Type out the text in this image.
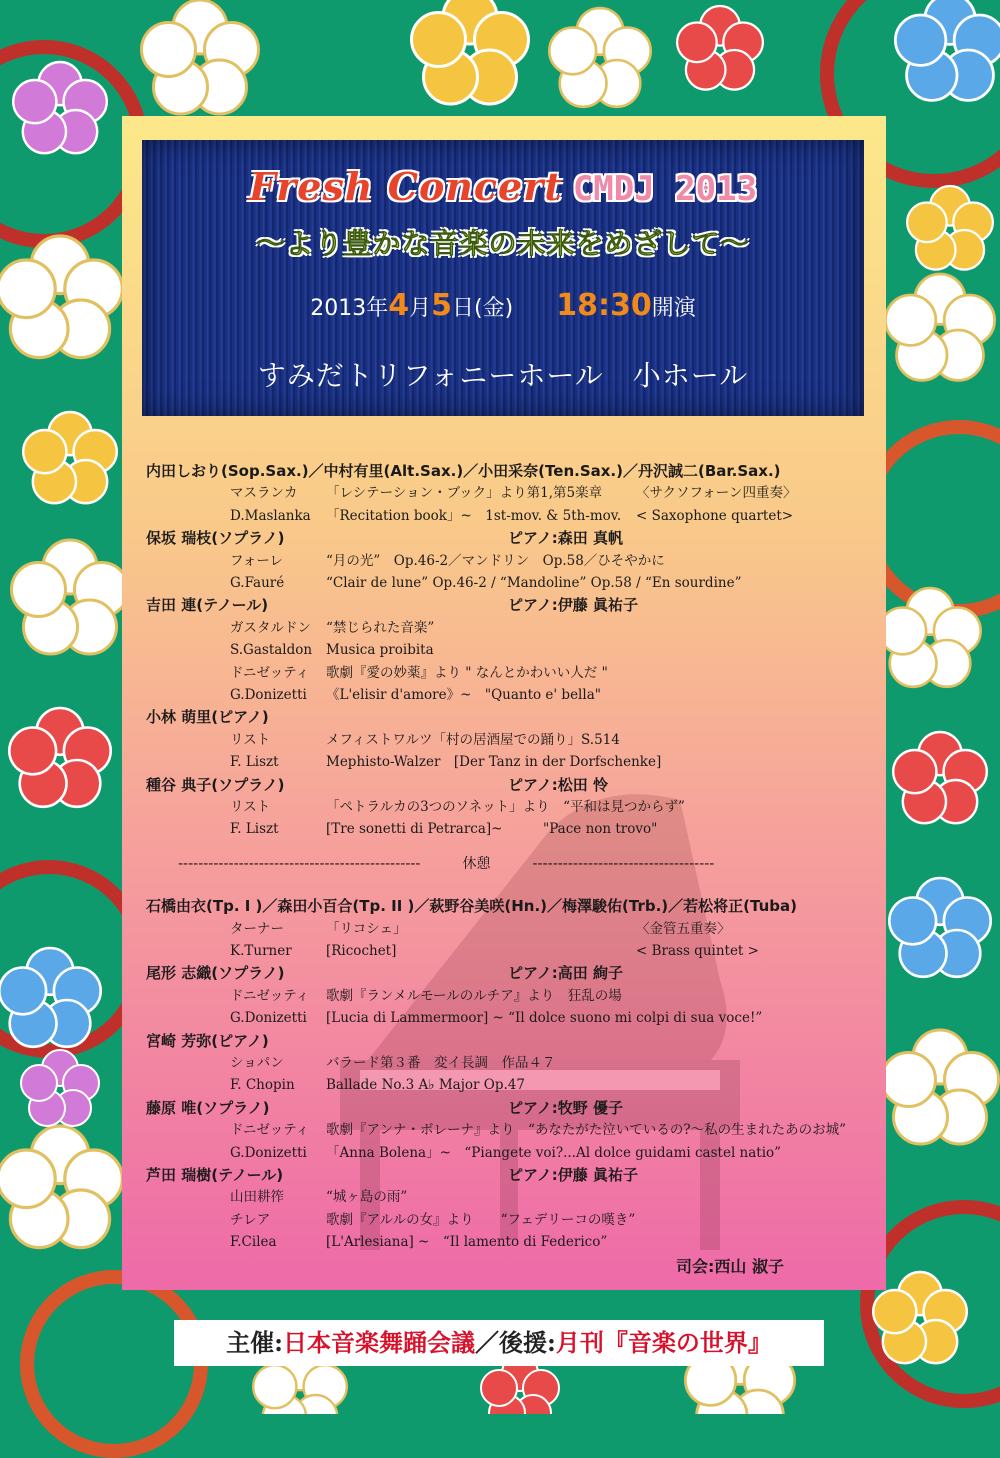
Fresh Concert CMDJ 2013
〜より豊かな音楽の未来をめざして〜
2013年4月5日(金) 18:30開演
すみだトリフォニーホール　小ホール
内田しおり(Sop.Sax.)／中村有里(Alt.Sax.)／小田采奈(Ten.Sax.)／丹沢誠二(Bar.Sax.)
マスランカ 「レシテーション・ブック」より第1,第5楽章	〈サクソフォーン四重奏〉
D.Maslanka 「Recitation book」~　1st-mov. & 5th-mov. < Saxophone quartet>
保坂 瑞枝(ソプラノ)	ピアノ:森田 真帆
フォーレ	“月の光”　Op.46-2／マンドリン　Op.58／ひそやかに
G.Fauré	“Clair de lune” Op.46-2 / “Mandoline” Op.58 / “En sourdine”
吉田 連(テノール)	ピアノ:伊藤 眞祐子
ガスタルドン “禁じられた音楽”
S.Gastaldon Musica proibita
ドニゼッティ 歌劇『愛の妙薬』より " なんとかわいい人だ "
G.Donizetti 《L'elisir d'amore》~　"Quanto e' bella"
小林 萌里(ピアノ)
リスト	メフィストワルツ「村の居酒屋での踊り」S.514
F. Liszt	Mephisto-Walzer　[Der Tanz in der Dorfschenke]
種谷 典子(ソプラノ)	ピアノ:松田 怜
リスト	「ペトラルカの3つのソネット」より　“平和は見つからず”
F. Liszt	[Tre sonetti di Petrarca]~　　　"Pace non trovo"
------------------------------------------------　　　休憩　　　------------------------------------
石橋由衣(Tp. I )／森田小百合(Tp. II )／萩野谷美咲(Hn.)／梅澤駿佑(Trb.)／若松将正(Tuba)
ターナー	「リコシェ」	〈金管五重奏〉
K.Turner	[Ricochet]	< Brass quintet >
尾形 志織(ソプラノ)	ピアノ:高田 絢子
ドニゼッティ 歌劇『ランメルモールのルチア』より　狂乱の場
G.Donizetti [Lucia di Lammermoor] ~ “Il dolce suono mi colpi di sua voce!”
宮崎 芳弥(ピアノ)
ショパン	バラード第３番　変イ長調　作品４７
F. Chopin Ballade No.3 A♭ Major Op.47
藤原 唯(ソプラノ)	ピアノ:牧野 優子
ドニゼッティ 歌劇『アンナ・ボレーナ』より　“あなたがた泣いているの?〜私の生まれたあのお城”
G.Donizetti 「Anna Bolena」~　“Piangete voi?...Al dolce guidami castel natio”
芦田 瑞樹(テノール)	ピアノ:伊藤 眞祐子
山田耕筰	“城ヶ島の雨”
チレア	歌劇『アルルの女』より　　“フェデリーコの嘆き”
F.Cilea	[L'Arlesiana] ~　“Il lamento di Federico”
司会:西山 淑子
主催:日本音楽舞踊会議／後援:月刊『音楽の世界』
